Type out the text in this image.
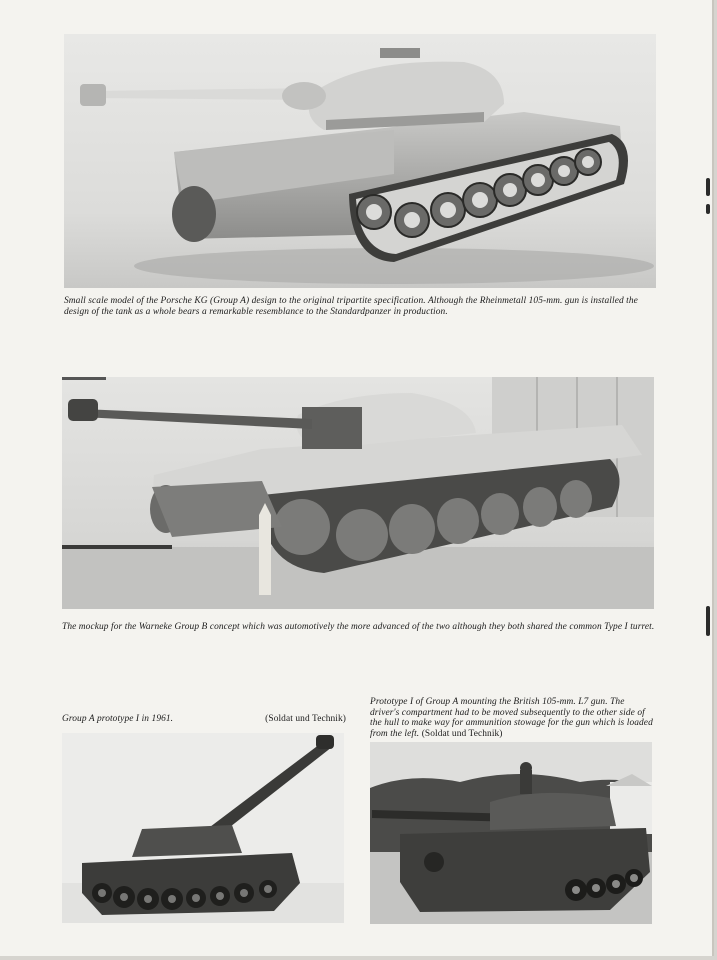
Small scale model of the Porsche KG (Group A) design to the original tripartite specification. Although the Rheinmetall 105-mm. gun is installed the design of the tank as a whole bears a remarkable resemblance to the Standardpanzer in production.
The mockup for the Warneke Group B concept which was automotively the more advanced of the two although they both shared the common Type I turret.
Group A prototype I in 1961.	(Soldat und Technik)
Prototype I of Group A mounting the British 105-mm. L7 gun. The driver's compartment had to be moved subsequently to the other side of the hull to make way for ammunition stowage for the gun which is loaded from the left. (Soldat und Technik)
